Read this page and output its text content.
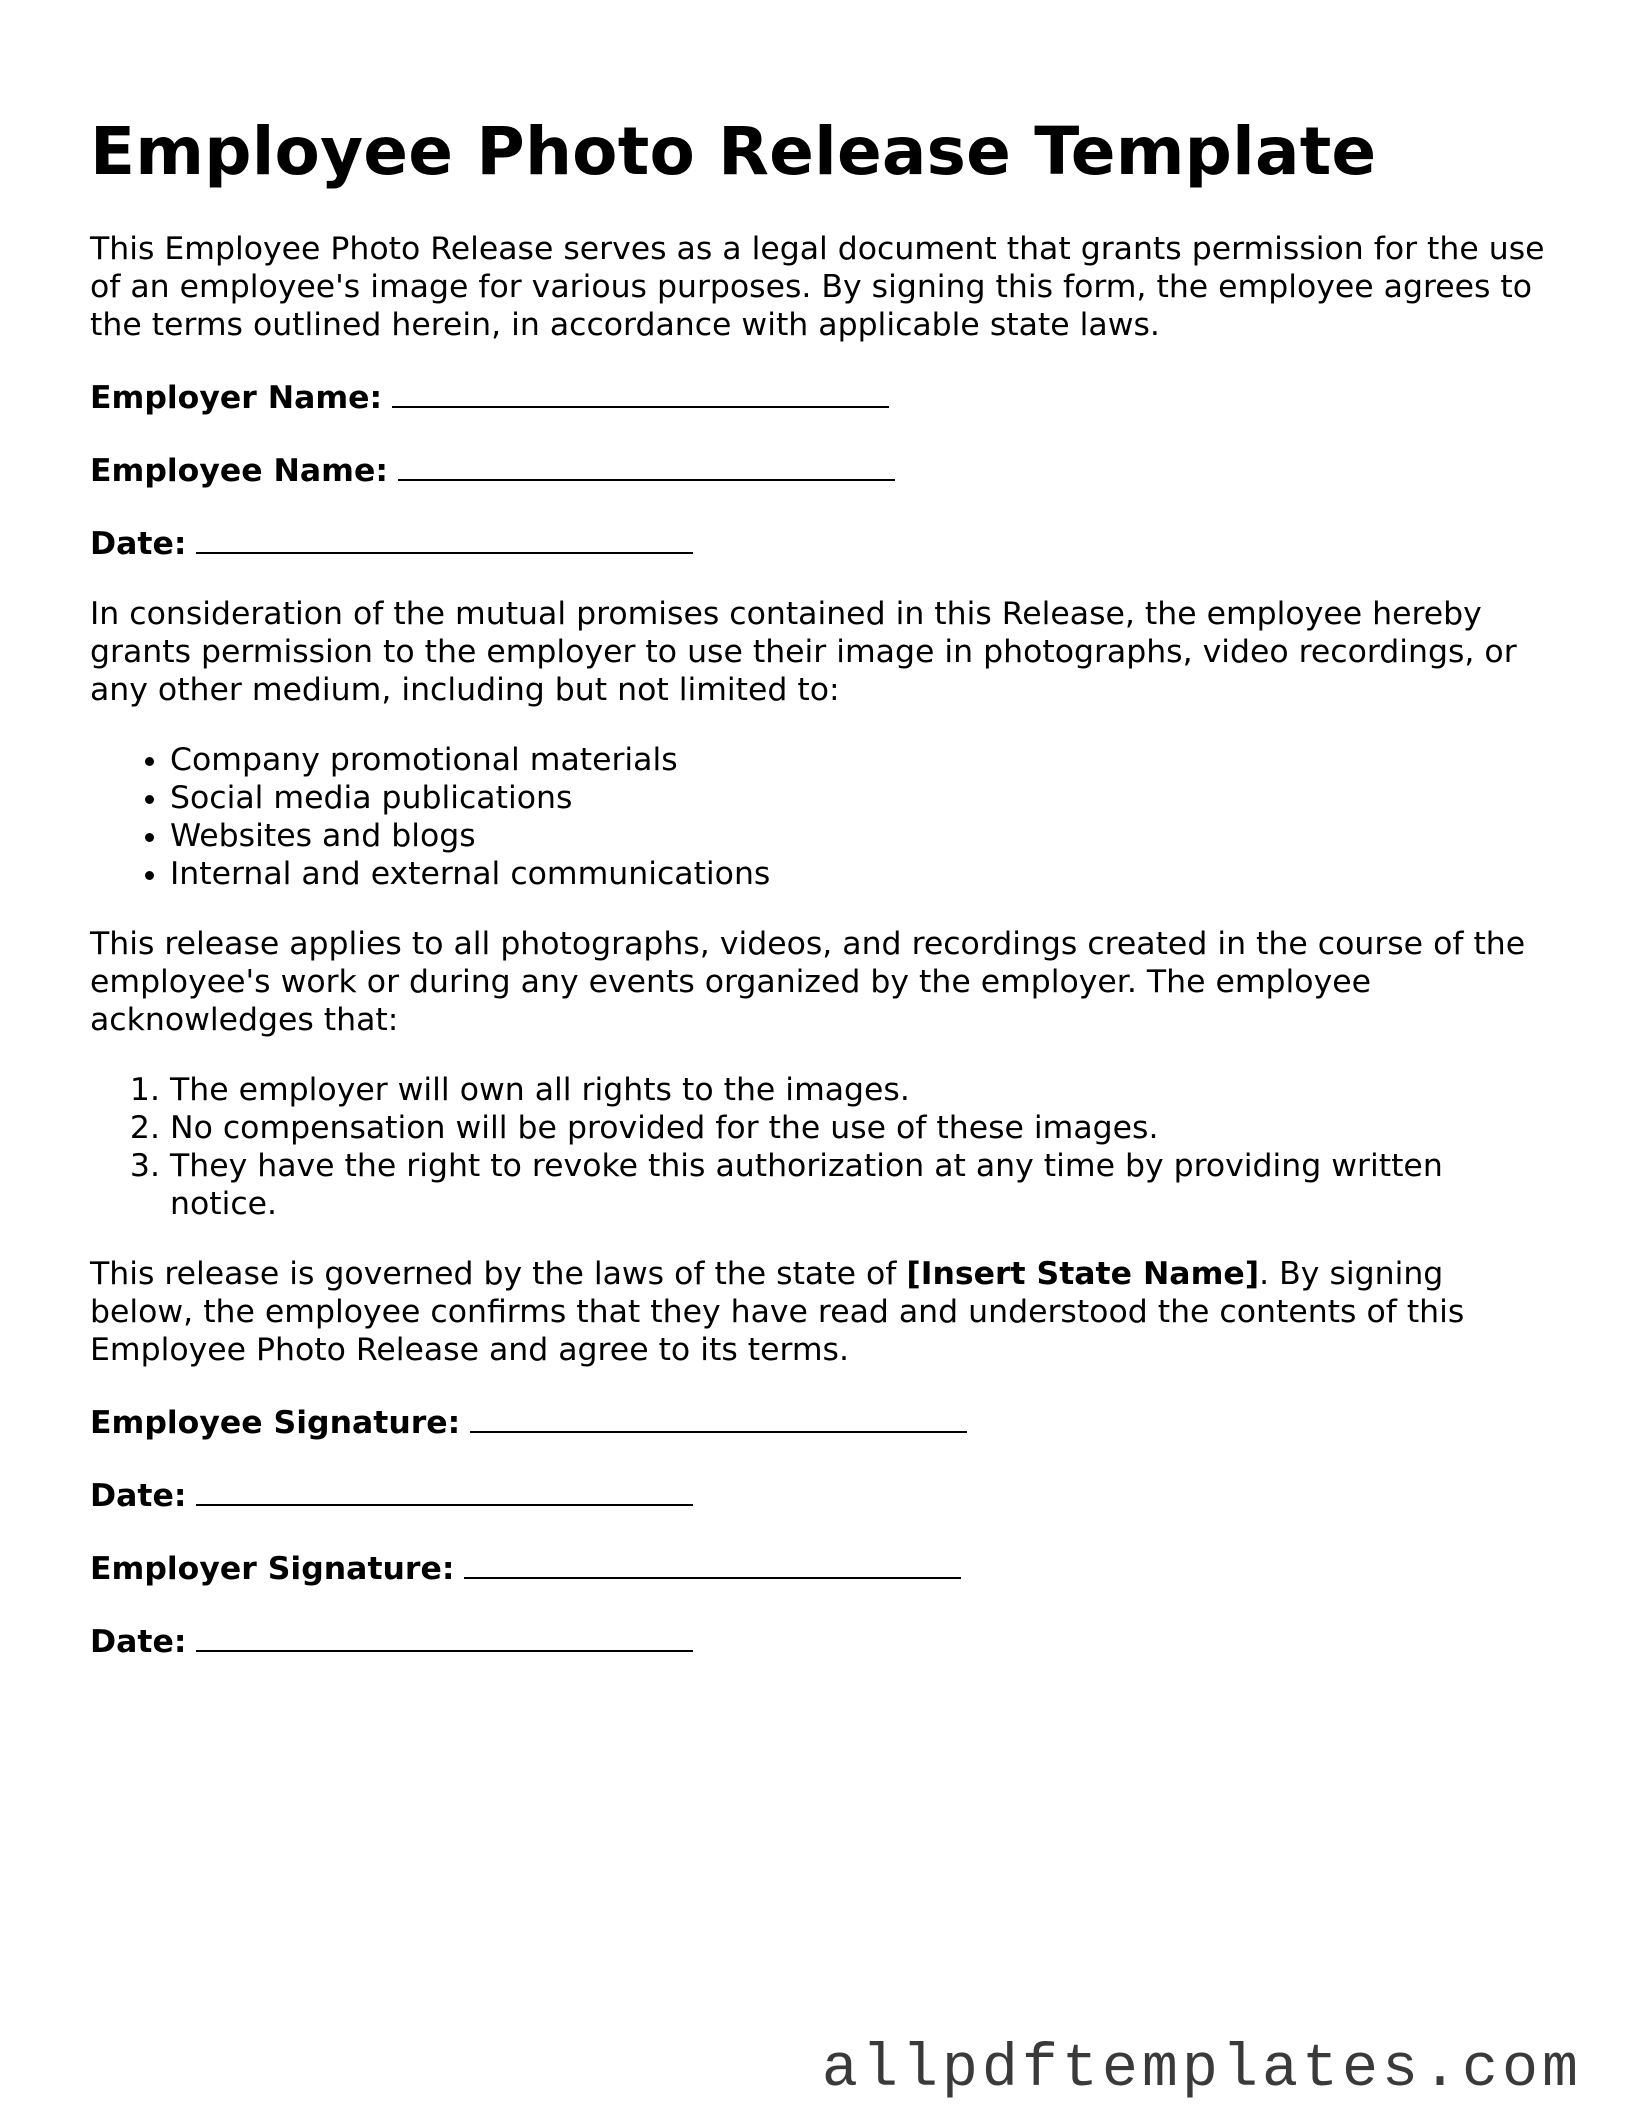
Employee Photo Release Template

This Employee Photo Release serves as a legal document that grants permission for the use of an employee's image for various purposes. By signing this form, the employee agrees to the terms outlined herein, in accordance with applicable state laws.

Employer Name:
Employee Name:
Date:

In consideration of the mutual promises contained in this Release, the employee hereby grants permission to the employer to use their image in photographs, video recordings, or any other medium, including but not limited to:

• Company promotional materials
• Social media publications
• Websites and blogs
• Internal and external communications

This release applies to all photographs, videos, and recordings created in the course of the employee's work or during any events organized by the employer. The employee acknowledges that:

1. The employer will own all rights to the images.
2. No compensation will be provided for the use of these images.
3. They have the right to revoke this authorization at any time by providing written notice.

This release is governed by the laws of the state of [Insert State Name]. By signing below, the employee confirms that they have read and understood the contents of this Employee Photo Release and agree to its terms.

Employee Signature:
Date:
Employer Signature:
Date:
allpdftemplates.com
